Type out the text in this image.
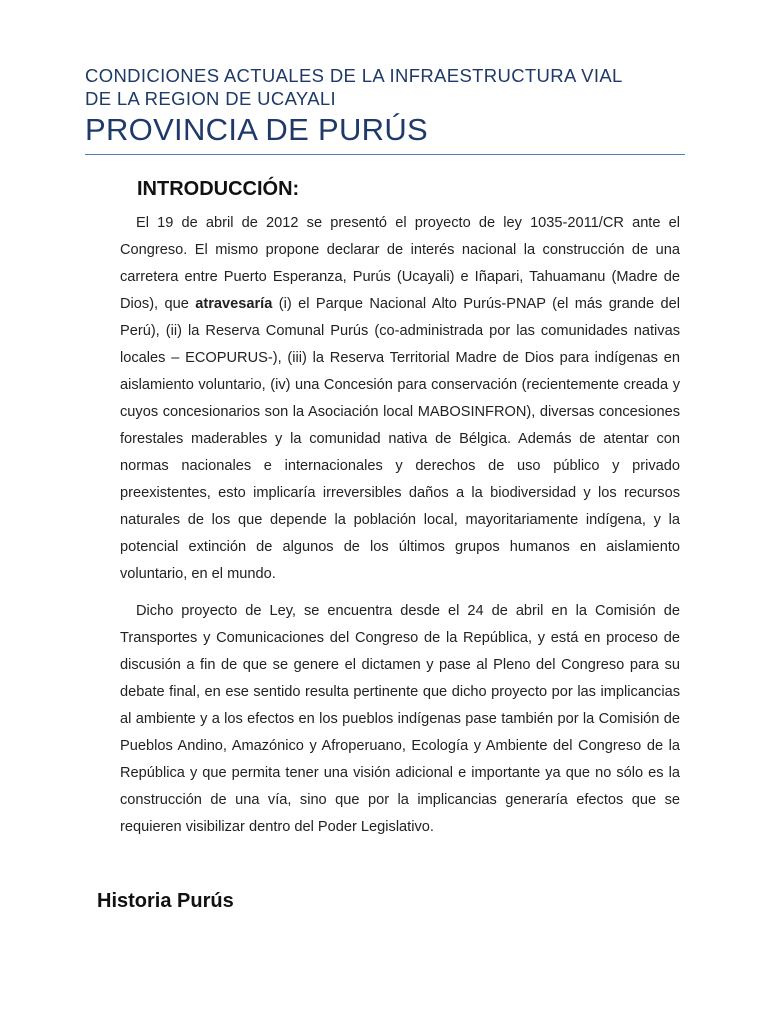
CONDICIONES ACTUALES DE LA INFRAESTRUCTURA VIAL
DE LA REGION DE UCAYALI
PROVINCIA DE PURÚS
INTRODUCCIÓN:

El 19 de abril de 2012 se presentó el proyecto de ley 1035-2011/CR ante el Congreso. El mismo propone declarar de interés nacional la construcción de una carretera entre Puerto Esperanza, Purús (Ucayali) e Iñapari, Tahuamanu (Madre de Dios), que atravesaría (i) el Parque Nacional Alto Purús-PNAP (el más grande del Perú), (ii) la Reserva Comunal Purús (co-administrada por las comunidades nativas locales – ECOPURUS-), (iii) la Reserva Territorial Madre de Dios para indígenas en aislamiento voluntario, (iv) una Concesión para conservación (recientemente creada y cuyos concesionarios son la Asociación local MABOSINFRON), diversas concesiones forestales maderables y la comunidad nativa de Bélgica. Además de atentar con normas nacionales e internacionales y derechos de uso público y privado preexistentes, esto implicaría irreversibles daños a la biodiversidad y los recursos naturales de los que depende la población local, mayoritariamente indígena, y la potencial extinción de algunos de los últimos grupos humanos en aislamiento voluntario, en el mundo.

Dicho proyecto de Ley, se encuentra desde el 24 de abril en la Comisión de Transportes y Comunicaciones del Congreso de la República, y está en proceso de discusión a fin de que se genere el dictamen y pase al Pleno del Congreso para su debate final, en ese sentido resulta pertinente que dicho proyecto por las implicancias al ambiente y a los efectos en los pueblos indígenas pase también por la Comisión de Pueblos Andino, Amazónico y Afroperuano, Ecología y Ambiente del Congreso de la República y que permita tener una visión adicional e importante ya que no sólo es la construcción de una vía, sino que por la implicancias generaría efectos que se requieren visibilizar dentro del Poder Legislativo.

Historia Purús
